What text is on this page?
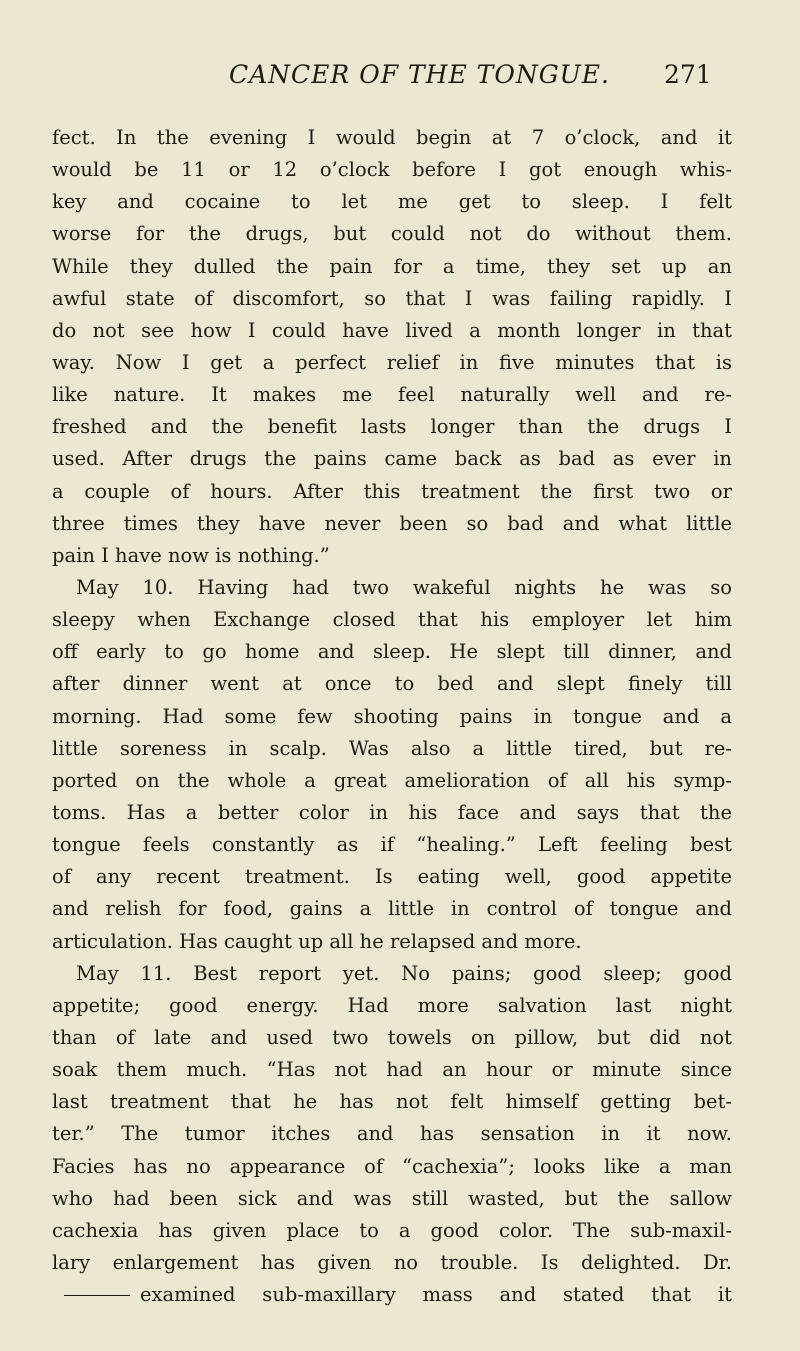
CANCER OF THE TONGUE. 271
fect. In the evening I would begin at 7 o’clock, and it
would be 11 or 12 o’clock before I got enough whis-
key and cocaine to let me get to sleep. I felt
worse for the drugs, but could not do without them.
While they dulled the pain for a time, they set up an
awful state of discomfort, so that I was failing rapidly. I
do not see how I could have lived a month longer in that
way. Now I get a perfect relief in five minutes that is
like nature. It makes me feel naturally well and re-
freshed and the benefit lasts longer than the drugs I
used. After drugs the pains came back as bad as ever in
a couple of hours. After this treatment the first two or
three times they have never been so bad and what little
pain I have now is nothing.”
May 10. Having had two wakeful nights he was so
sleepy when Exchange closed that his employer let him
off early to go home and sleep. He slept till dinner, and
after dinner went at once to bed and slept finely till
morning. Had some few shooting pains in tongue and a
little soreness in scalp. Was also a little tired, but re-
ported on the whole a great amelioration of all his symp-
toms. Has a better color in his face and says that the
tongue feels constantly as if “healing.” Left feeling best
of any recent treatment. Is eating well, good appetite
and relish for food, gains a little in control of tongue and
articulation. Has caught up all he relapsed and more.
May 11. Best report yet. No pains; good sleep; good
appetite; good energy. Had more salvation last night
than of late and used two towels on pillow, but did not
soak them much. “Has not had an hour or minute since
last treatment that he has not felt himself getting bet-
ter.” The tumor itches and has sensation in it now.
Facies has no appearance of “cachexia”; looks like a man
who had been sick and was still wasted, but the sallow
cachexia has given place to a good color. The sub-maxil-
lary enlargement has given no trouble. Is delighted. Dr.
examined sub-maxillary mass and stated that it
